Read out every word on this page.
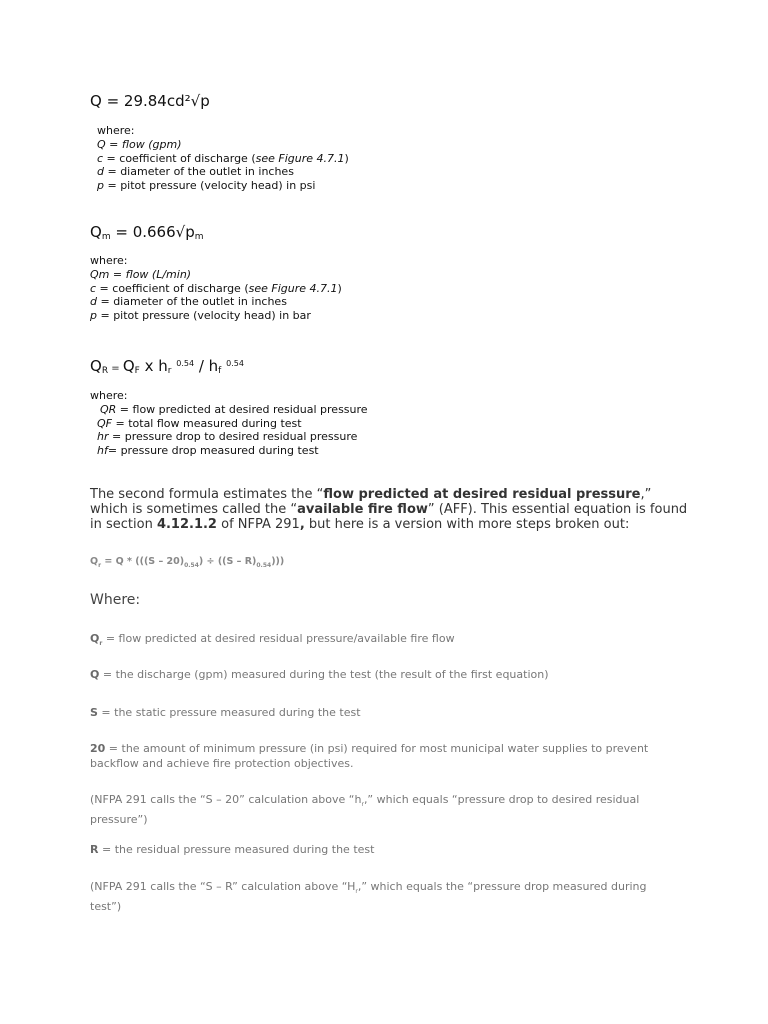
Q = 29.84cd²√p
where:
Q = flow (gpm)
c = coefficient of discharge (see Figure 4.7.1)
d = diameter of the outlet in inches
p = pitot pressure (velocity head) in psi
$Q_m = 0.666√p_m$
where:
Qm = flow (L/min)
c = coefficient of discharge (see Figure 4.7.1)
d = diameter of the outlet in inches
p = pitot pressure (velocity head) in bar
$Q_R = Q_F$ x $h_r$ $^{0.54} / h_f$ $^{0.54}$
where:
QR = flow predicted at desired residual pressure
QF = total flow measured during test
hr = pressure drop to desired residual pressure
hf= pressure drop measured during test
The second formula estimates the “flow predicted at desired residual pressure,” which is sometimes called the “available fire flow” (AFF). This essential equation is found in section 4.12.1.2 of NFPA 291, but here is a version with more steps broken out:
$Q_r = Q * (((S - 20)_{0.54}) \div ((S - R)_{0.54}))$)
Where:
$Q_r$ = flow predicted at desired residual pressure/available fire flow
Q = the discharge (gpm) measured during the test (the result of the first equation)
S = the static pressure measured during the test
20 = the amount of minimum pressure (in psi) required for most municipal water supplies to prevent backflow and achieve fire protection objectives.
(NFPA 291 calls the “S – 20” calculation above “$h_r$,” which equals “pressure drop to desired residual pressure”)
R = the residual pressure measured during the test
(NFPA 291 calls the “S – R” calculation above “$H_r$,” which equals the “pressure drop measured during test”)
